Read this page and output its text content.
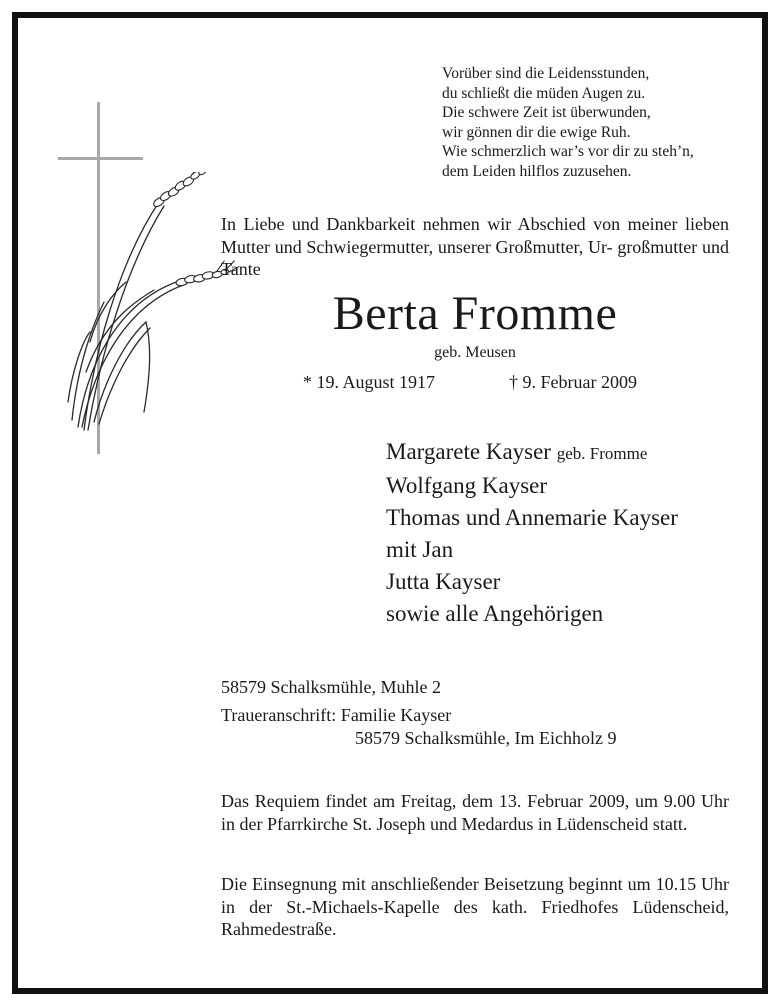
Vorüber sind die Leidensstunden,
du schließt die müden Augen zu.
Die schwere Zeit ist überwunden,
wir gönnen dir die ewige Ruh.
Wie schmerzlich war’s vor dir zu steh’n,
dem Leiden hilflos zuzusehen.
In Liebe und Dankbarkeit nehmen wir Abschied von meiner lieben Mutter und Schwiegermutter, unserer Großmutter, Ur- großmutter und Tante
Berta Fromme
geb. Meusen
* 19. August 1917	† 9. Februar 2009
Margarete Kayser geb. Fromme
Wolfgang Kayser
Thomas und Annemarie Kayser
mit Jan
Jutta Kayser
sowie alle Angehörigen
58579 Schalksmühle, Muhle 2
Traueranschrift: Familie Kayser
58579 Schalksmühle, Im Eichholz 9
Das Requiem findet am Freitag, dem 13. Februar 2009, um 9.00 Uhr in der Pfarrkirche St. Joseph und Medardus in Lüdenscheid statt.
Die Einsegnung mit anschließender Beisetzung beginnt um 10.15 Uhr in der St.-Michaels-Kapelle des kath. Friedhofes Lüdenscheid, Rahmedestraße.
